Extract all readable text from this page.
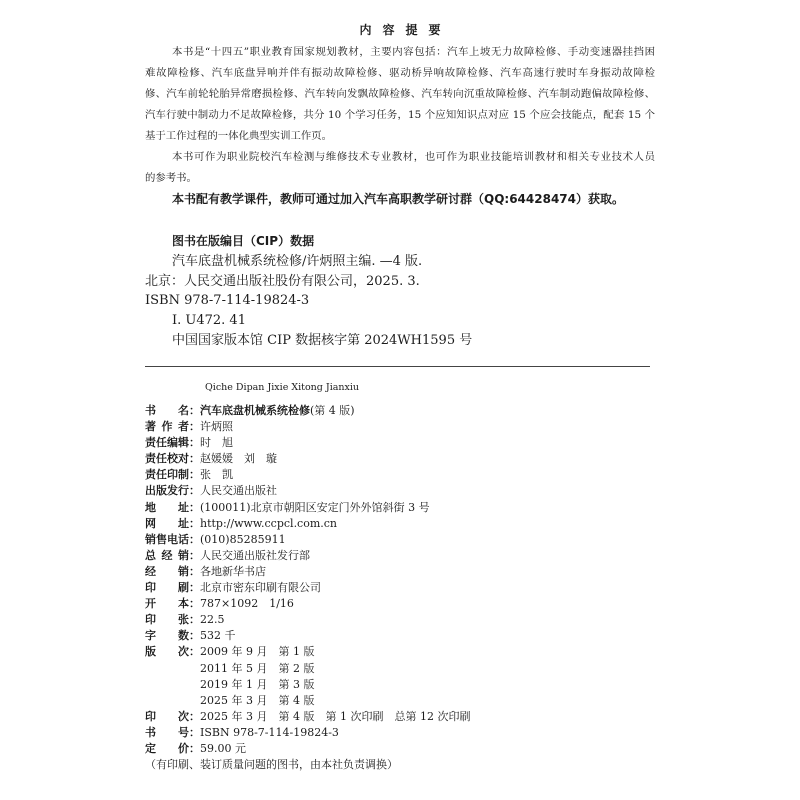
内容提要
本书是“十四五”职业教育国家规划教材，主要内容包括：汽车上坡无力故障检修、手动变速器挂挡困
难故障检修、汽车底盘异响并伴有振动故障检修、驱动桥异响故障检修、汽车高速行驶时车身振动故障检
修、汽车前轮轮胎异常磨损检修、汽车转向发飘故障检修、汽车转向沉重故障检修、汽车制动跑偏故障检修、
汽车行驶中制动力不足故障检修，共分 10 个学习任务，15 个应知知识点对应 15 个应会技能点，配套 15 个
基于工作过程的一体化典型实训工作页。
本书可作为职业院校汽车检测与维修技术专业教材，也可作为职业技能培训教材和相关专业技术人员
的参考书。
本书配有教学课件，教师可通过加入汽车高职教学研讨群（QQ:64428474）获取。
图书在版编目（CIP）数据
汽车底盘机械系统检修/许炳照主编. —4 版.
北京：人民交通出版社股份有限公司，2025. 3.
ISBN 978-7-114-19824-3
Ⅰ. U472. 41
中国国家版本馆 CIP 数据核字第 2024WH1595 号
Qiche Dipan Jixie Xitong Jianxiu
书名：汽车底盘机械系统检修(第 4 版)
著作者：许炳照
责任编辑：时　旭
责任校对：赵媛媛　刘　璇
责任印制：张　凯
出版发行：人民交通出版社
地址：(100011)北京市朝阳区安定门外外馆斜街 3 号
网址：http://www.ccpcl.com.cn
销售电话：(010)85285911
总经销：人民交通出版社发行部
经销：各地新华书店
印刷：北京市密东印刷有限公司
开本：787×1092　1/16
印张：22.5
字数：532 千
版次：2009 年 9 月　第 1 版
2011 年 5 月　第 2 版
2019 年 1 月　第 3 版
2025 年 3 月　第 4 版
印次：2025 年 3 月　第 4 版　第 1 次印刷　总第 12 次印刷
书号：ISBN 978-7-114-19824-3
定价：59.00 元
（有印刷、装订质量问题的图书，由本社负责调换）
